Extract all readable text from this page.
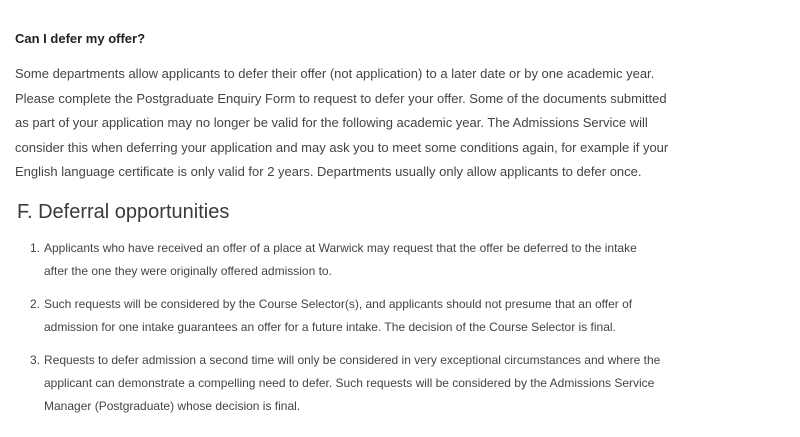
Can I defer my offer?

Some departments allow applicants to defer their offer (not application) to a later date or by one academic year.
Please complete the Postgraduate Enquiry Form to request to defer your offer. Some of the documents submitted
as part of your application may no longer be valid for the following academic year. The Admissions Service will
consider this when deferring your application and may ask you to meet some conditions again, for example if your
English language certificate is only valid for 2 years. Departments usually only allow applicants to defer once.

F. Deferral opportunities
1. Applicants who have received an offer of a place at Warwick may request that the offer be deferred to the intake
after the one they were originally offered admission to.
2. Such requests will be considered by the Course Selector(s), and applicants should not presume that an offer of
admission for one intake guarantees an offer for a future intake. The decision of the Course Selector is final.
3. Requests to defer admission a second time will only be considered in very exceptional circumstances and where the
applicant can demonstrate a compelling need to defer. Such requests will be considered by the Admissions Service
Manager (Postgraduate) whose decision is final.
